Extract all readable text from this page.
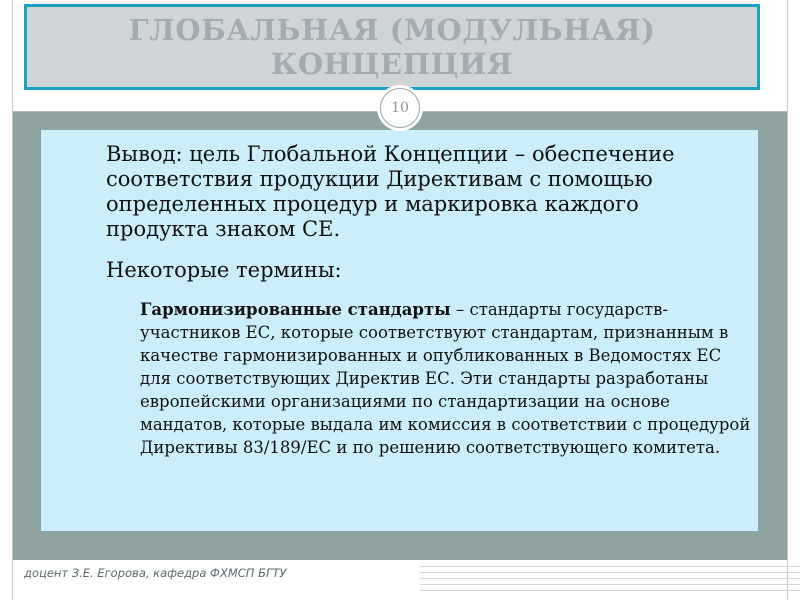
ГЛОБАЛЬНАЯ (МОДУЛЬНАЯ)
КОНЦЕПЦИЯ
10
Вывод: цель Глобальной Концепции – обеспечение соответствия продукции Директивам с помощью определенных процедур и маркировка каждого продукта знаком CE.
Некоторые термины:
Гармонизированные стандарты – стандарты государств-участников ЕС, которые соответствуют стандартам, признанным в качестве гармонизированных и опубликованных в Ведомостях ЕС для соответствующих Директив ЕС. Эти стандарты разработаны европейскими организациями по стандартизации на основе мандатов, которые выдала им комиссия в соответствии с процедурой Директивы 83/189/ЕС и по решению соответствующего комитета.
доцент З.Е. Егорова, кафедра ФХМСП БГТУ
